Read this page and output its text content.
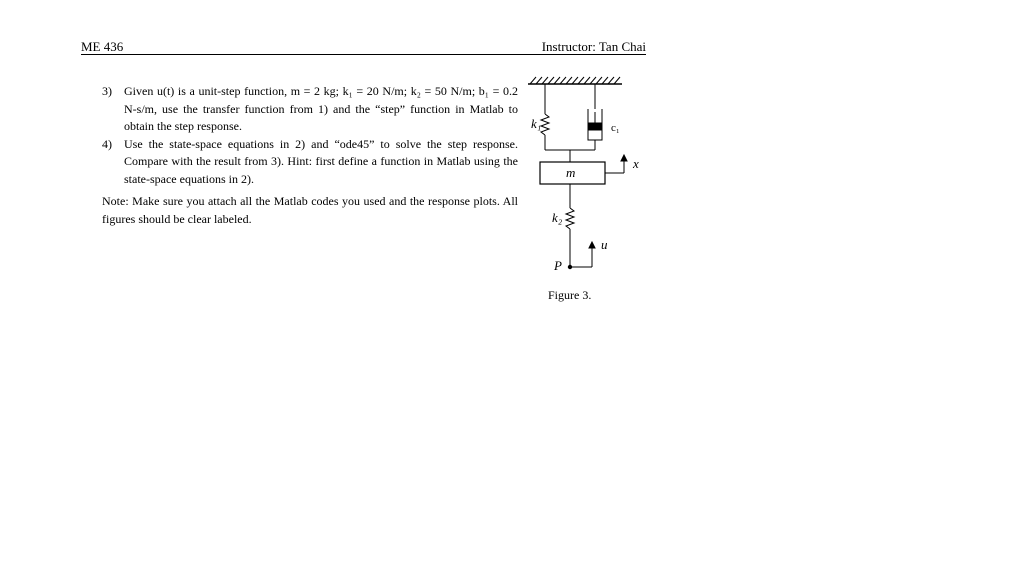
ME 436	Instructor: Tan Chai
3) Given u(t) is a unit-step function, m = 2 kg; k₁ = 20 N/m; k₂ = 50 N/m; b₁ = 0.2 N-s/m, use the transfer function from 1) and the “step” function in Matlab to obtain the step response.
4) Use the state-space equations in 2) and “ode45” to solve the step response. Compare with the result from 3). Hint: first define a function in Matlab using the state-space equations in 2).
Note: Make sure you attach all the Matlab codes you used and the response plots. All figures should be clear labeled.
k₁	c₁
m
x
k₂
u
P
Figure 3.
